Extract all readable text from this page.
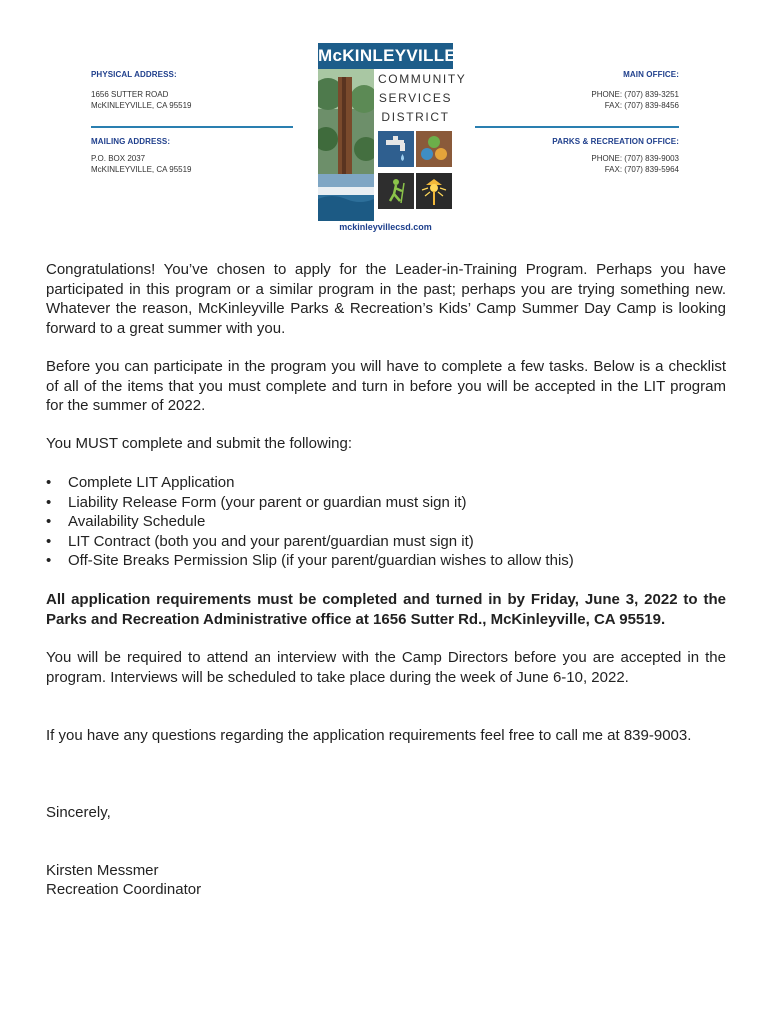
PHYSICAL ADDRESS:
1656 SUTTER ROAD
McKINLEYVILLE, CA 95519
MAILING ADDRESS:
P.O. BOX 2037
McKINLEYVILLE, CA 95519
MAIN OFFICE:
PHONE: (707) 839-3251
FAX: (707) 839-8456
PARKS & RECREATION OFFICE:
PHONE: (707) 839-9003
FAX: (707) 839-5964
McKINLEYVILLE
COMMUNITY
SERVICES
DISTRICT
mckinleyvillecsd.com
Congratulations! You’ve chosen to apply for the Leader-in-Training Program. Perhaps you have participated in this program or a similar program in the past; perhaps you are trying something new. Whatever the reason, McKinleyville Parks & Recreation’s Kids’ Camp Summer Day Camp is looking forward to a great summer with you.
Before you can participate in the program you will have to complete a few tasks. Below is a checklist of all of the items that you must complete and turn in before you will be accepted in the LIT program for the summer of 2022.
You MUST complete and submit the following:
• Complete LIT Application
• Liability Release Form (your parent or guardian must sign it)
• Availability Schedule
• LIT Contract (both you and your parent/guardian must sign it)
• Off-Site Breaks Permission Slip (if your parent/guardian wishes to allow this)
All application requirements must be completed and turned in by Friday, June 3, 2022 to the Parks and Recreation Administrative office at 1656 Sutter Rd., McKinleyville, CA 95519.
You will be required to attend an interview with the Camp Directors before you are accepted in the program. Interviews will be scheduled to take place during the week of June 6-10, 2022.
If you have any questions regarding the application requirements feel free to call me at 839-9003.
Sincerely,
Kirsten Messmer
Recreation Coordinator
